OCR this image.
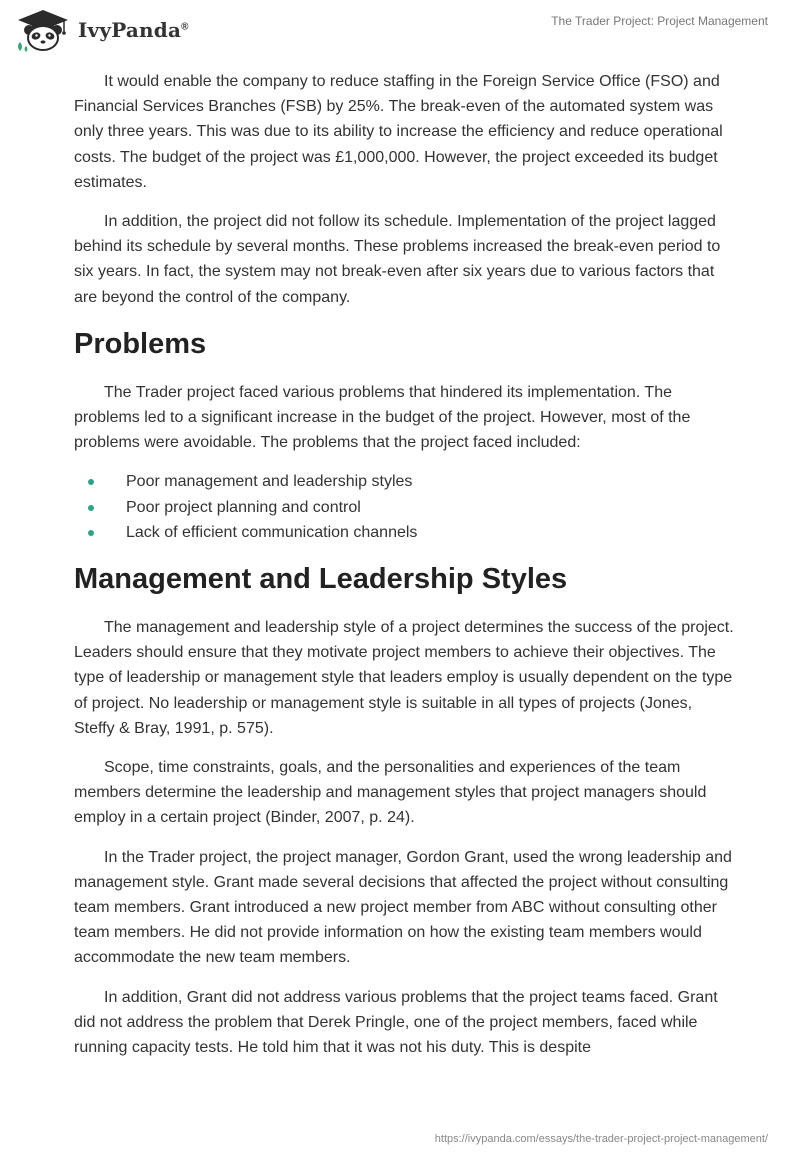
IvyPanda®	The Trader Project: Project Management

It would enable the company to reduce staffing in the Foreign Service Office (FSO) and Financial Services Branches (FSB) by 25%. The break-even of the automated system was only three years. This was due to its ability to increase the efficiency and reduce operational costs. The budget of the project was £1,000,000. However, the project exceeded its budget estimates.

In addition, the project did not follow its schedule. Implementation of the project lagged behind its schedule by several months. These problems increased the break-even period to six years. In fact, the system may not break-even after six years due to various factors that are beyond the control of the company.

Problems

The Trader project faced various problems that hindered its implementation. The problems led to a significant increase in the budget of the project. However, most of the problems were avoidable. The problems that the project faced included:

Poor management and leadership styles
Poor project planning and control
Lack of efficient communication channels
Management and Leadership Styles

The management and leadership style of a project determines the success of the project. Leaders should ensure that they motivate project members to achieve their objectives. The type of leadership or management style that leaders employ is usually dependent on the type of project. No leadership or management style is suitable in all types of projects (Jones, Steffy & Bray, 1991, p. 575).

Scope, time constraints, goals, and the personalities and experiences of the team members determine the leadership and management styles that project managers should employ in a certain project (Binder, 2007, p. 24).

In the Trader project, the project manager, Gordon Grant, used the wrong leadership and management style. Grant made several decisions that affected the project without consulting team members. Grant introduced a new project member from ABC without consulting other team members. He did not provide information on how the existing team members would accommodate the new team members.

In addition, Grant did not address various problems that the project teams faced. Grant did not address the problem that Derek Pringle, one of the project members, faced while running capacity tests. He told him that it was not his duty. This is despite

https://ivypanda.com/essays/the-trader-project-project-management/
